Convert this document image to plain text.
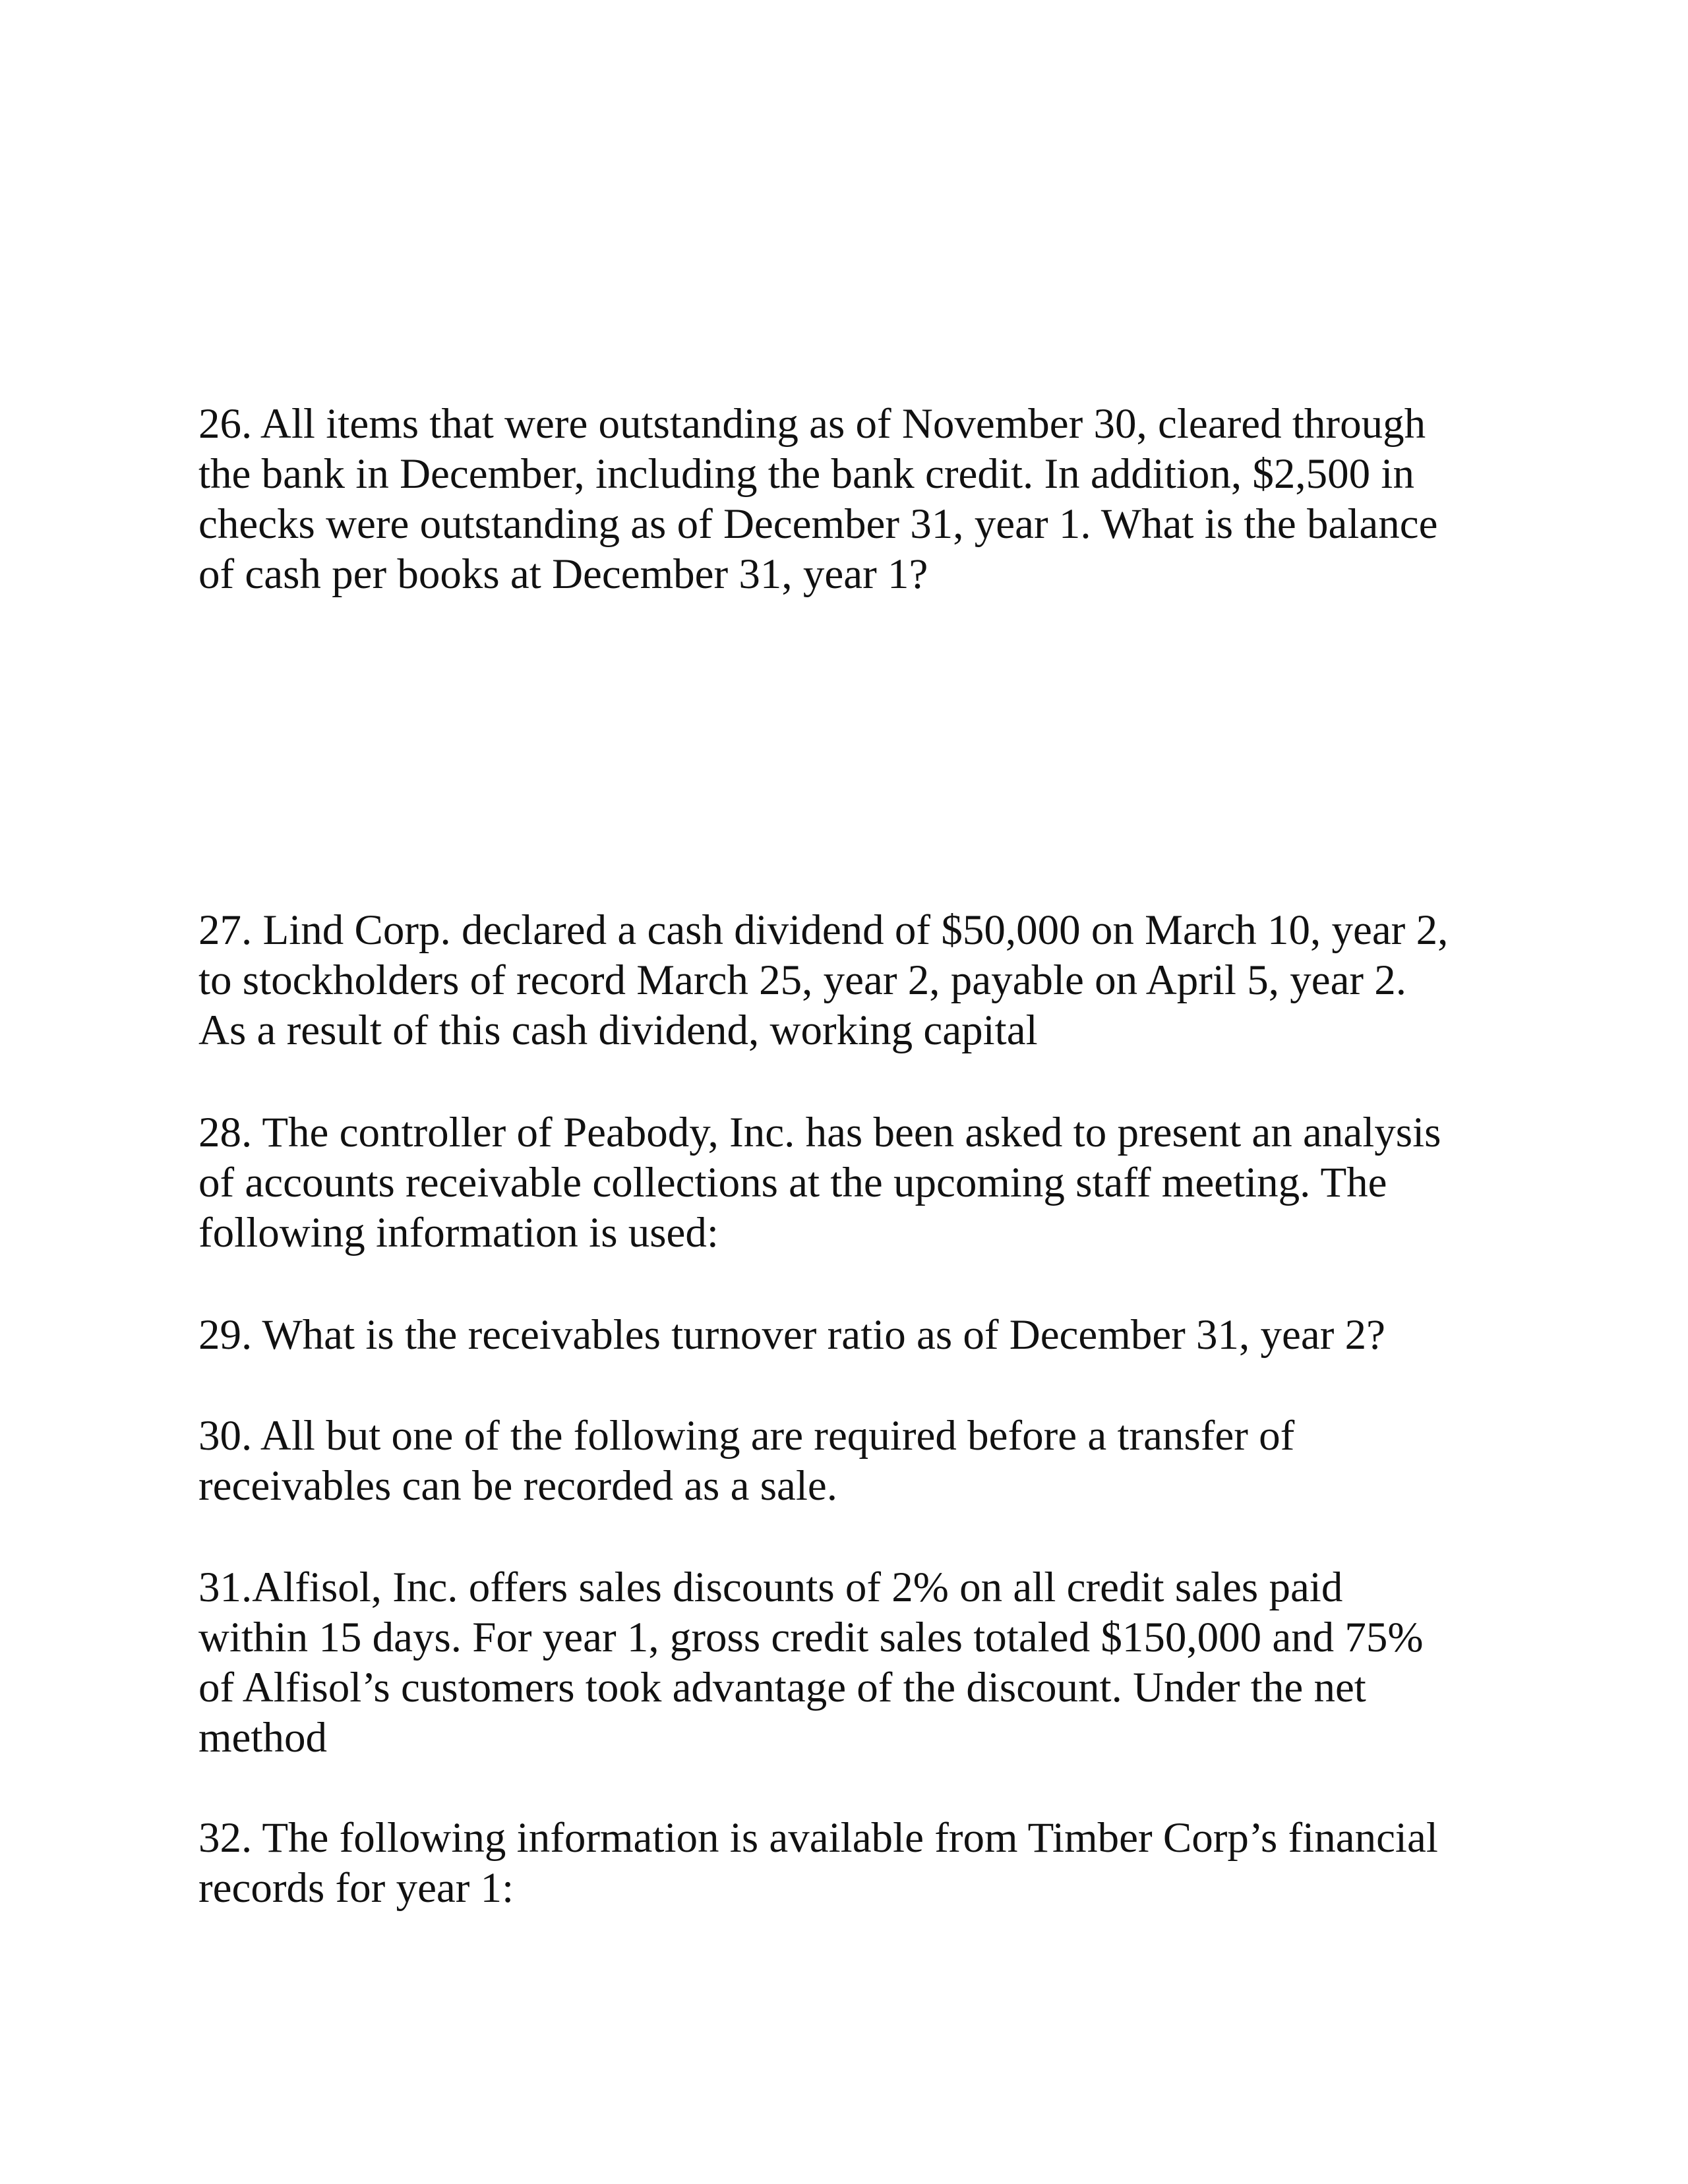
26. All items that were outstanding as of November 30, cleared through
the bank in December, including the bank credit. In addition, $2,500 in
checks were outstanding as of December 31, year 1. What is the balance
of cash per books at December 31, year 1?

27. Lind Corp. declared a cash dividend of $50,000 on March 10, year 2,
to stockholders of record March 25, year 2, payable on April 5, year 2.
As a result of this cash dividend, working capital

28. The controller of Peabody, Inc. has been asked to present an analysis
of accounts receivable collections at the upcoming staff meeting. The
following information is used:

29. What is the receivables turnover ratio as of December 31, year 2?

30. All but one of the following are required before a transfer of
receivables can be recorded as a sale.

31.Alfisol, Inc. offers sales discounts of 2% on all credit sales paid
within 15 days. For year 1, gross credit sales totaled $150,000 and 75%
of Alfisol’s customers took advantage of the discount. Under the net
method

32. The following information is available from Timber Corp’s financial
records for year 1:
